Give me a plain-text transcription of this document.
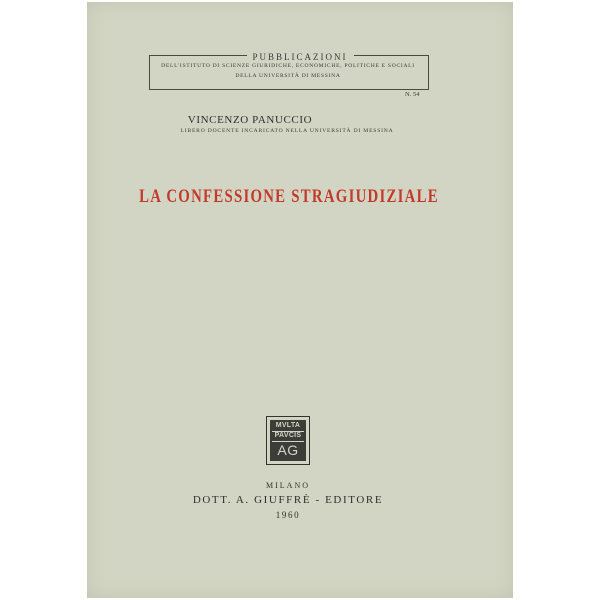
PUBBLICAZIONI
DELL'ISTITUTO DI SCIENZE GIURIDICHE, ECONOMICHE, POLITICHE E SOCIALI
DELLA UNIVERSITÀ DI MESSINA
N. 54
VINCENZO PANUCCIO
LIBERO DOCENTE INCARICATO NELLA UNIVERSITÀ DI MESSINA
LA CONFESSIONE STRAGIUDIZIALE
MVLTA
PAVCIS
AG
MILANO
DOTT. A. GIUFFRÈ - EDITORE
1960
